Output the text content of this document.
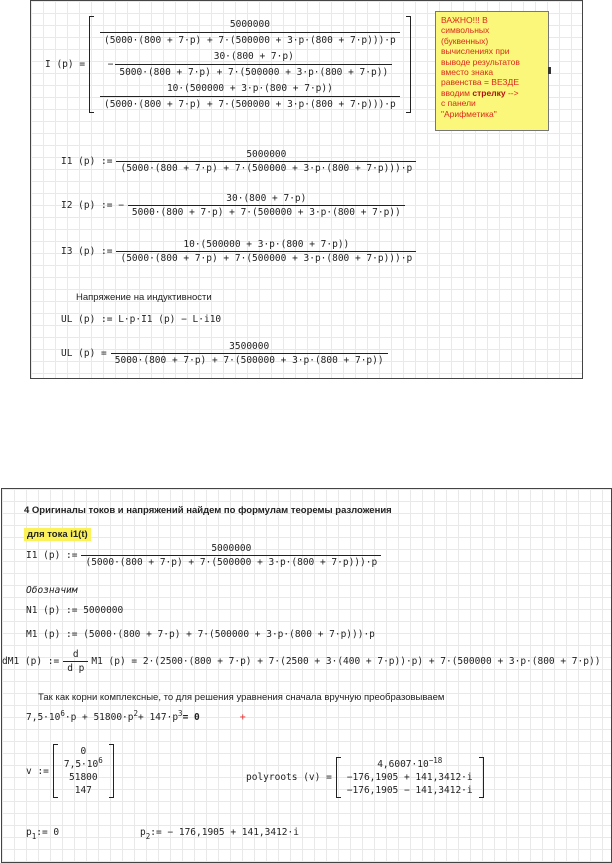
I (p) =
$\frac{5000000}{(5000\cdot(800 + 7\cdot p) + 7\cdot(500000 + 3\cdot p\cdot(800 + 7\cdot p)))\cdot p}$
− $\frac{30\cdot(800 + 7\cdot p)}{5000\cdot(800 + 7\cdot p) + 7\cdot(500000 + 3\cdot p\cdot(800 + 7\cdot p))}$
$\frac{10\cdot(500000 + 3\cdot p\cdot(800 + 7\cdot p))}{(5000\cdot(800 + 7\cdot p) + 7\cdot(500000 + 3\cdot p\cdot(800 + 7\cdot p)))\cdot p}$
ВАЖНО!!! В
символьных
(буквенных)
вычислениях при
выводе результатов
вместо знака
равенства = ВЕЗДЕ
вводим стрелку -->
с панели
"Арифметика"
I1 (p) := $\frac{5000000}{(5000\cdot(800 + 7\cdot p) + 7\cdot(500000 + 3\cdot p\cdot(800 + 7\cdot p)))\cdot p}$
I2 (p) := − $\frac{30\cdot(800 + 7\cdot p)}{5000\cdot(800 + 7\cdot p) + 7\cdot(500000 + 3\cdot p\cdot(800 + 7\cdot p))}$
I3 (p) := $\frac{10\cdot(500000 + 3\cdot p\cdot(800 + 7\cdot p))}{(5000\cdot(800 + 7\cdot p) + 7\cdot(500000 + 3\cdot p\cdot(800 + 7\cdot p)))\cdot p}$
Напряжение на индуктивности
UL (p) := L·p·I1 (p) − L·i10
UL $(p) = \frac{3500000}{5000\cdot(800 + 7\cdot p) + 7\cdot(500000 + 3\cdot p\cdot(800 + 7\cdot p))}$
4 Оригиналы токов и напряжений найдем по формулам теоремы разложения
для тока i1(t)
I1 (p) := $\frac{5000000}{(5000\cdot(800 + 7\cdot p) + 7\cdot(500000 + 3\cdot p\cdot(800 + 7\cdot p)))\cdot p}$
Обозначим
N1 (p) := 5000000
M1 (p) := (5000·(800 + 7·p) + 7·(500000 + 3·p·(800 + 7·p)))·p
dM1 (p) := $\frac{d}{\text{d p}} M1$ (p) = 2·(2500·(800 + 7·p) + 7·(2500 + 3·(400 + 7·p))·p) + 7·(500000 + 3·p·(800 + 7·p))
Так как корни комплексные, то для решения уравнения сначала вручную преобразовываем
7,5·10 6 ·p + 51800·p 2 + 147·p 3 = 0	+
v :=
0
$7,5\cdot 10^6$
51800
147
polyroots (v) =
$4,6007\cdot 10^{-18}$
−176,1905 + 141,3412·i
−176,1905 − 141,3412·i
p 1 := 0	p 2 := − 176,1905 + 141,3412·i
